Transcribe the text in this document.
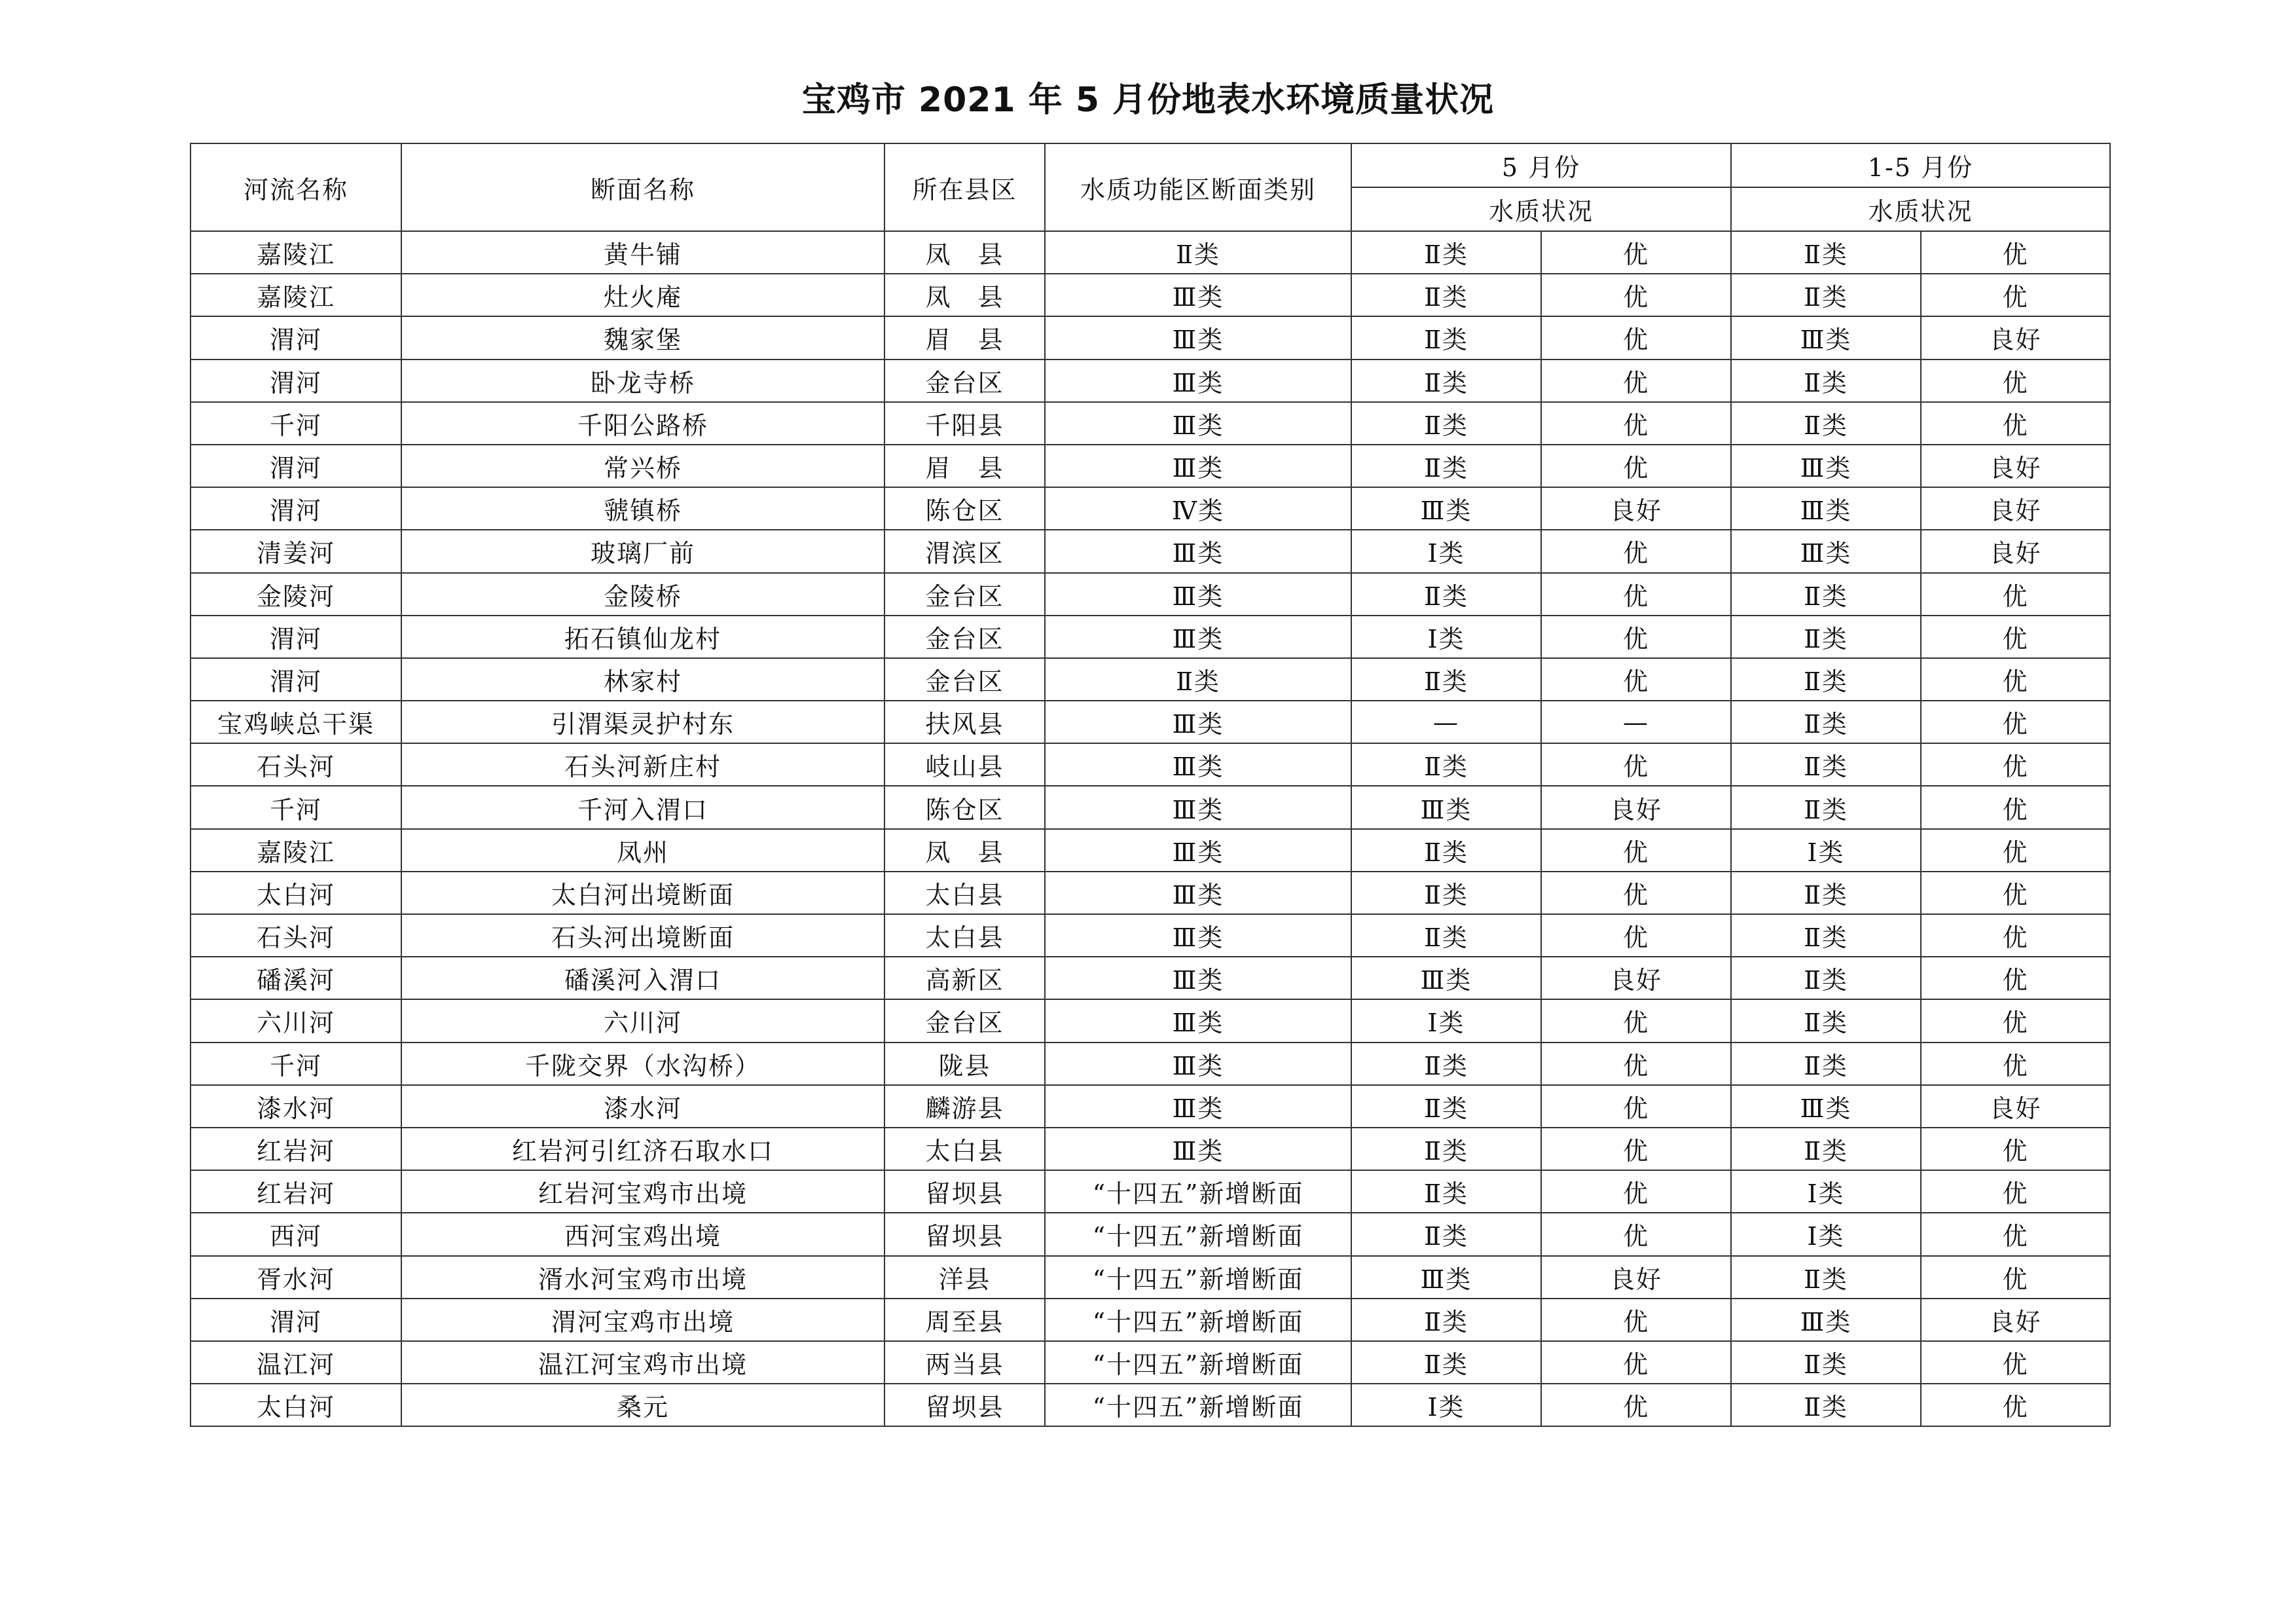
宝鸡市 2021 年 5 月份地表水环境质量状况
河流名称	断面名称	所在县区	水质功能区断面类别	5 月份		1-5 月份	
				水质状况		水质状况	
嘉陵江	黄牛铺	凤　县	Ⅱ类	Ⅱ类	优	Ⅱ类	优
嘉陵江	灶火庵	凤　县	Ⅲ类	Ⅱ类	优	Ⅱ类	优
渭河	魏家堡	眉　县	Ⅲ类	Ⅱ类	优	Ⅲ类	良好
渭河	卧龙寺桥	金台区	Ⅲ类	Ⅱ类	优	Ⅱ类	优
千河	千阳公路桥	千阳县	Ⅲ类	Ⅱ类	优	Ⅱ类	优
渭河	常兴桥	眉　县	Ⅲ类	Ⅱ类	优	Ⅲ类	良好
渭河	虢镇桥	陈仓区	Ⅳ类	Ⅲ类	良好	Ⅲ类	良好
清姜河	玻璃厂前	渭滨区	Ⅲ类	Ⅰ类	优	Ⅲ类	良好
金陵河	金陵桥	金台区	Ⅲ类	Ⅱ类	优	Ⅱ类	优
渭河	拓石镇仙龙村	金台区	Ⅲ类	Ⅰ类	优	Ⅱ类	优
渭河	林家村	金台区	Ⅱ类	Ⅱ类	优	Ⅱ类	优
宝鸡峡总干渠	引渭渠灵护村东	扶风县	Ⅲ类	—	—	Ⅱ类	优
石头河	石头河新庄村	岐山县	Ⅲ类	Ⅱ类	优	Ⅱ类	优
千河	千河入渭口	陈仓区	Ⅲ类	Ⅲ类	良好	Ⅱ类	优
嘉陵江	凤州	凤　县	Ⅲ类	Ⅱ类	优	Ⅰ类	优
太白河	太白河出境断面	太白县	Ⅲ类	Ⅱ类	优	Ⅱ类	优
石头河	石头河出境断面	太白县	Ⅲ类	Ⅱ类	优	Ⅱ类	优
磻溪河	磻溪河入渭口	高新区	Ⅲ类	Ⅲ类	良好	Ⅱ类	优
六川河	六川河	金台区	Ⅲ类	Ⅰ类	优	Ⅱ类	优
千河	千陇交界（水沟桥）	陇县	Ⅲ类	Ⅱ类	优	Ⅱ类	优
漆水河	漆水河	麟游县	Ⅲ类	Ⅱ类	优	Ⅲ类	良好
红岩河	红岩河引红济石取水口	太白县	Ⅲ类	Ⅱ类	优	Ⅱ类	优
红岩河	红岩河宝鸡市出境	留坝县	“十四五”新增断面	Ⅱ类	优	Ⅰ类	优
西河	西河宝鸡出境	留坝县	“十四五”新增断面	Ⅱ类	优	Ⅰ类	优
胥水河	湑水河宝鸡市出境	洋县	“十四五”新增断面	Ⅲ类	良好	Ⅱ类	优
渭河	渭河宝鸡市出境	周至县	“十四五”新增断面	Ⅱ类	优	Ⅲ类	良好
温江河	温江河宝鸡市出境	两当县	“十四五”新增断面	Ⅱ类	优	Ⅱ类	优
太白河	桑元	留坝县	“十四五”新增断面	Ⅰ类	优	Ⅱ类	优
